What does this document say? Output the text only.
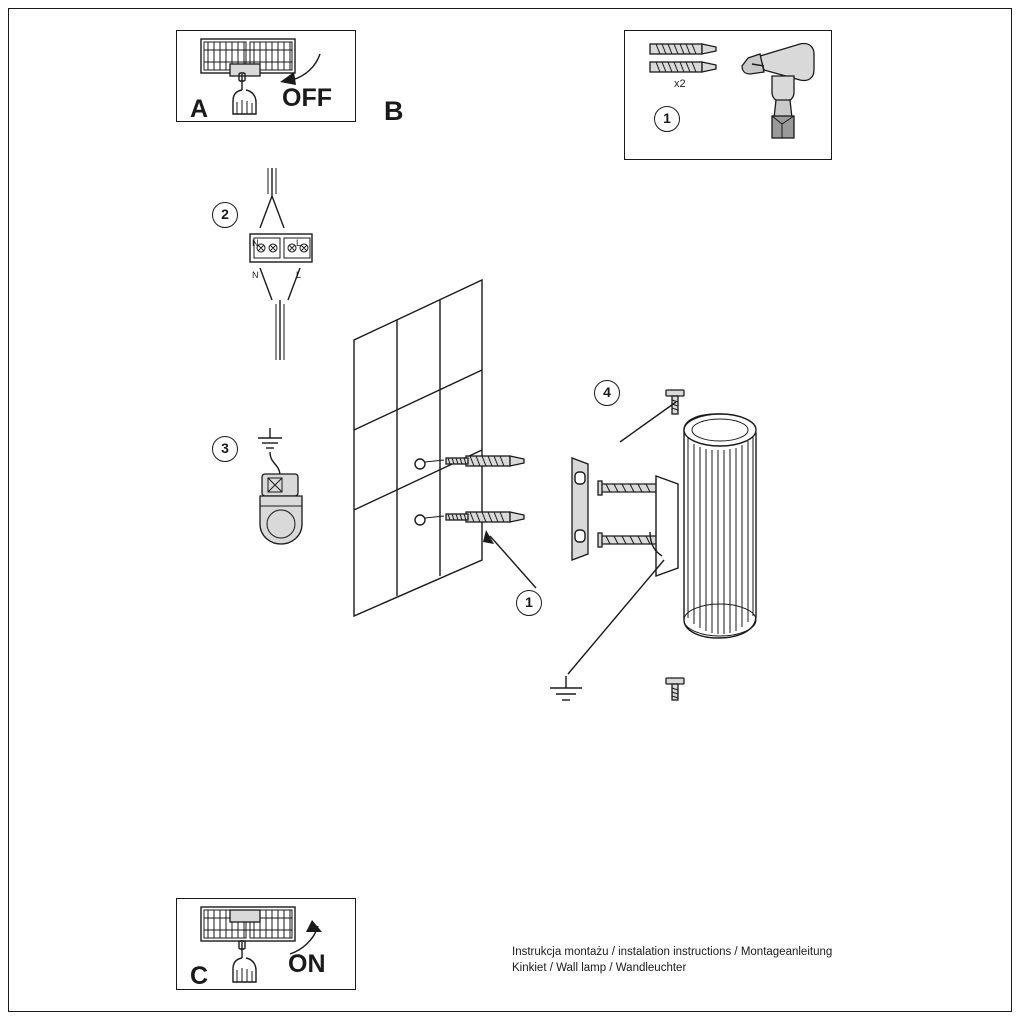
A	OFF B	1
x2
2
N	L
N	L
3
4
1
C	ON	Instrukcja montażu / instalation instructions / Montageanleitung
Kinkiet / Wall lamp / Wandleuchter
